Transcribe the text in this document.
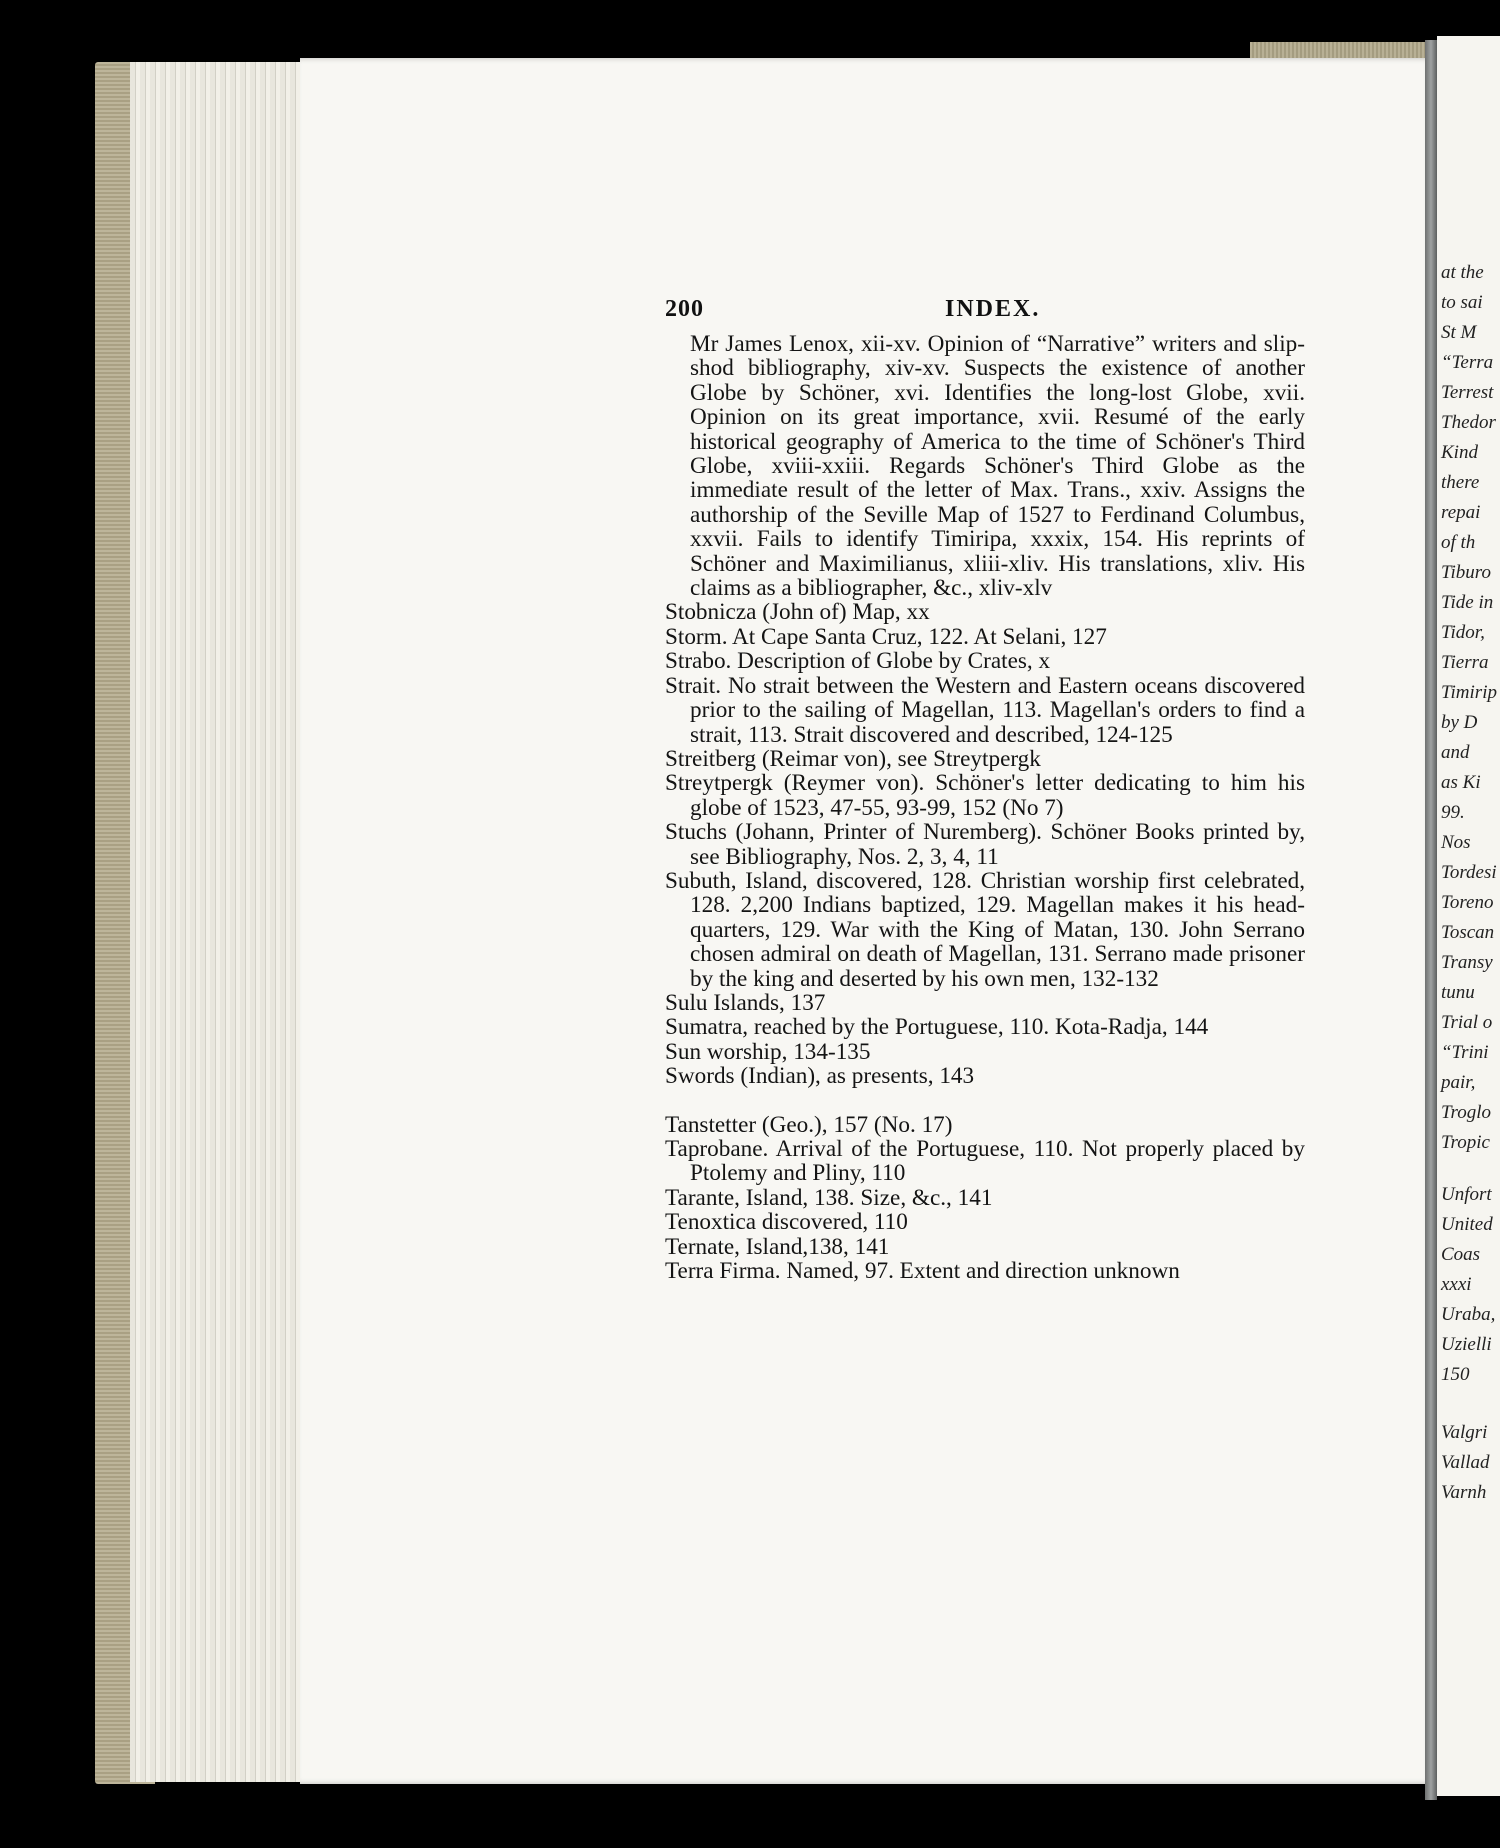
200	INDEX.

Mr James Lenox, xii-xv. Opinion of “Narrative” writers and slip-shod bibliography, xiv-xv. Suspects the existence of another Globe by Schöner, xvi. Identifies the long-lost Globe, xvii. Opinion on its great importance, xvii. Resumé of the early historical geography of America to the time of Schöner's Third Globe, xviii-xxiii. Regards Schöner's Third Globe as the immediate result of the letter of Max. Trans., xxiv. Assigns the authorship of the Seville Map of 1527 to Ferdinand Columbus, xxvii. Fails to identify Timiripa, xxxix, 154. His reprints of Schöner and Maximilianus, xliii-xliv. His translations, xliv. His claims as a bibliographer, &c., xliv-xlv

Stobnicza (John of) Map, xx

Storm. At Cape Santa Cruz, 122. At Selani, 127

Strabo. Description of Globe by Crates, x

Strait. No strait between the Western and Eastern oceans discovered prior to the sailing of Magellan, 113. Magellan's orders to find a strait, 113. Strait discovered and described, 124-125

Streitberg (Reimar von), see Streytpergk

Streytpergk (Reymer von). Schöner's letter dedicating to him his globe of 1523, 47-55, 93-99, 152 (No 7)

Stuchs (Johann, Printer of Nuremberg). Schöner Books printed by, see Bibliography, Nos. 2, 3, 4, 11

Subuth, Island, discovered, 128. Christian worship first celebrated, 128. 2,200 Indians baptized, 129. Magellan makes it his head-quarters, 129. War with the King of Matan, 130. John Serrano chosen admiral on death of Magellan, 131. Serrano made prisoner by the king and deserted by his own men, 132-132

Sulu Islands, 137

Sumatra, reached by the Portuguese, 110. Kota-Radja, 144

Sun worship, 134-135

Swords (Indian), as presents, 143

Tanstetter (Geo.), 157 (No. 17)

Taprobane. Arrival of the Portuguese, 110. Not properly placed by Ptolemy and Pliny, 110

Tarante, Island, 138. Size, &c., 141

Tenoxtica discovered, 110

Ternate, Island,138, 141

Terra Firma. Named, 97. Extent and direction unknown

at the
to sai
St M
“Terra
Terrest
Thedor
Kind
there
repai
of th
Tiburo
Tide in
Tidor,
Tierra
Timirip
by D
and
as Ki
99.
Nos
Tordesi
Toreno
Toscan
Transy
tunu
Trial o
“Trini
pair,
Troglo
Tropic
Unfort
United
Coas
xxxi
Uraba,
Uzielli
150
Valgri
Vallad
Varnh
